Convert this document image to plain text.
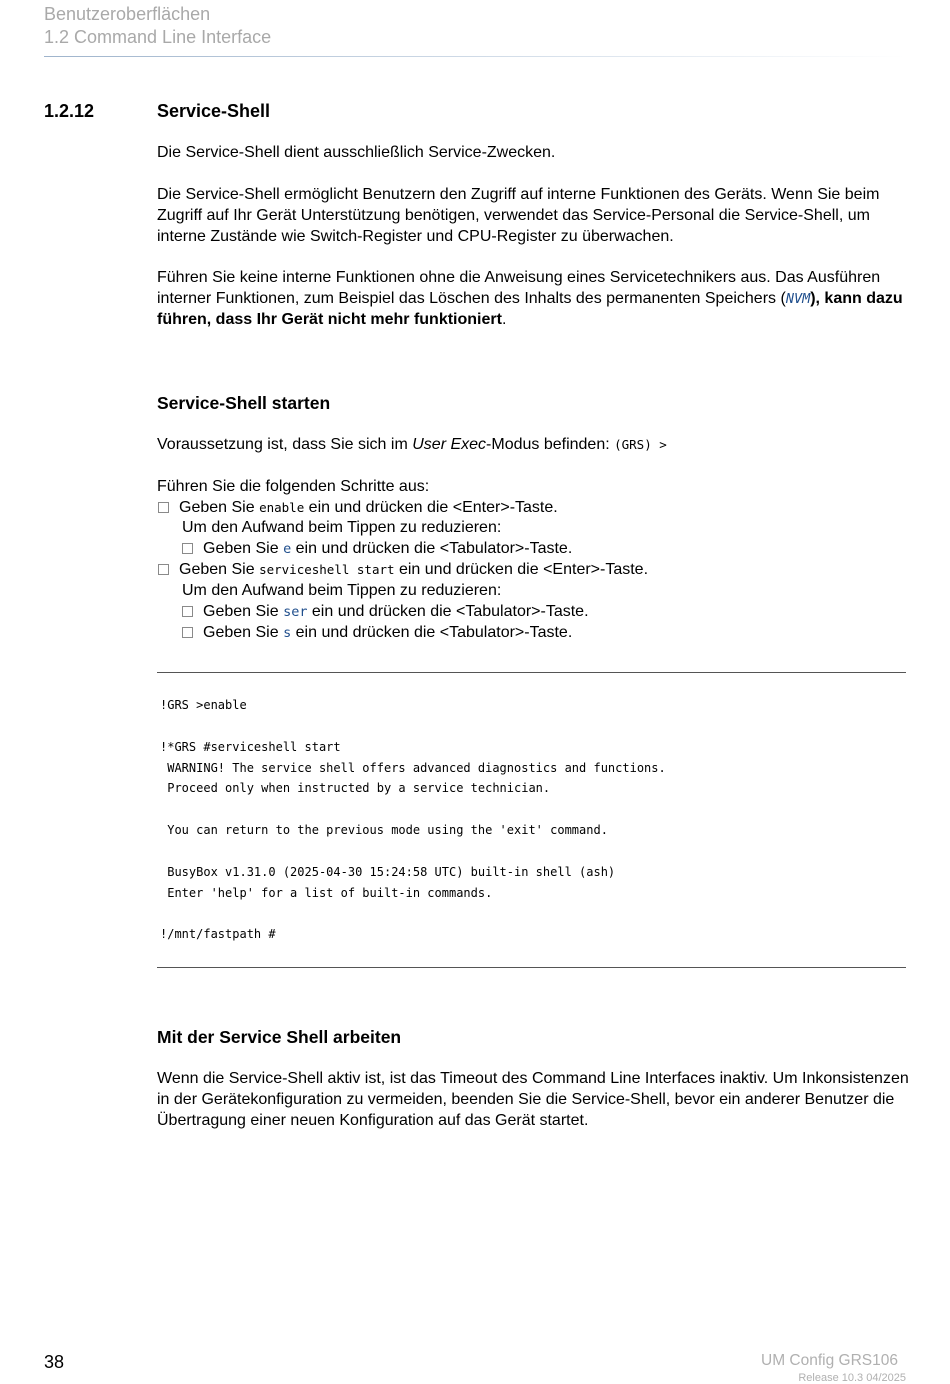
Benutzeroberflächen
1.2 Command Line Interface
1.2.12	Service-Shell

Die Service-Shell dient ausschließlich Service-Zwecken.

Die Service-Shell ermöglicht Benutzern den Zugriff auf interne Funktionen des Geräts. Wenn Sie beim Zugriff auf Ihr Gerät Unterstützung benötigen, verwendet das Service-Personal die Service-Shell, um interne Zustände wie Switch-Register und CPU-Register zu überwachen.

Führen Sie keine interne Funktionen ohne die Anweisung eines Servicetechnikers aus. Das Ausführen interner Funktionen, zum Beispiel das Löschen des Inhalts des permanenten Speichers (NVM), kann dazu führen, dass Ihr Gerät nicht mehr funktioniert.

Service-Shell starten

Voraussetzung ist, dass Sie sich im User Exec-Modus befinden: (GRS) >

Führen Sie die folgenden Schritte aus:

Geben Sie enable ein und drücken die <Enter>-Taste.
Um den Aufwand beim Tippen zu reduzieren:
Geben Sie e ein und drücken die <Tabulator>-Taste.
Geben Sie serviceshell start ein und drücken die <Enter>-Taste.
Um den Aufwand beim Tippen zu reduzieren:
Geben Sie ser ein und drücken die <Tabulator>-Taste.
Geben Sie s ein und drücken die <Tabulator>-Taste.
!GRS >enable

!*GRS #serviceshell start
WARNING! The service shell offers advanced diagnostics and functions.
Proceed only when instructed by a service technician.

You can return to the previous mode using the 'exit' command.

BusyBox v1.31.0 (2025-04-30 15:24:58 UTC) built-in shell (ash)
Enter 'help' for a list of built-in commands.

!/mnt/fastpath #
Mit der Service Shell arbeiten

Wenn die Service-Shell aktiv ist, ist das Timeout des Command Line Interfaces inaktiv. Um Inkonsistenzen in der Gerätekonfiguration zu vermeiden, beenden Sie die Service-Shell, bevor ein anderer Benutzer die Übertragung einer neuen Konfiguration auf das Gerät startet.

38	UM Config GRS106
Release 10.3 04/2025
